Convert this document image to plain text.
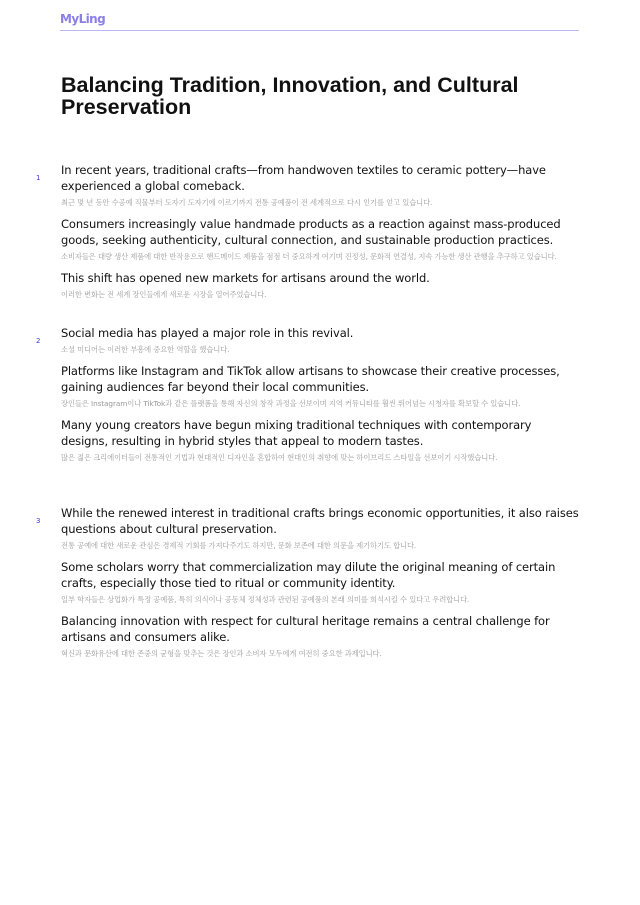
MyLing
Balancing Tradition, Innovation, and Cultural Preservation
1
In recent years, traditional crafts—from handwoven textiles to ceramic pottery—have experienced a global comeback.
최근 몇 년 동안 수공예 직물부터 도자기 도자기에 이르기까지 전통 공예품이 전 세계적으로 다시 인기를 얻고 있습니다.
Consumers increasingly value handmade products as a reaction against mass-produced goods, seeking authenticity, cultural connection, and sustainable production practices.
소비자들은 대량 생산 제품에 대한 반작용으로 핸드메이드 제품을 점점 더 중요하게 여기며 진정성, 문화적 연결성, 지속 가능한 생산 관행을 추구하고 있습니다.
This shift has opened new markets for artisans around the world.
이러한 변화는 전 세계 장인들에게 새로운 시장을 열어주었습니다.
2
Social media has played a major role in this revival.
소셜 미디어는 이러한 부흥에 중요한 역할을 했습니다.
Platforms like Instagram and TikTok allow artisans to showcase their creative processes, gaining audiences far beyond their local communities.
장인들은 Instagram이나 TikTok과 같은 플랫폼을 통해 자신의 창작 과정을 선보이며 지역 커뮤니티를 훨씬 뛰어넘는 시청자를 확보할 수 있습니다.
Many young creators have begun mixing traditional techniques with contemporary designs, resulting in hybrid styles that appeal to modern tastes.
많은 젊은 크리에이터들이 전통적인 기법과 현대적인 디자인을 혼합하여 현대인의 취향에 맞는 하이브리드 스타일을 선보이기 시작했습니다.
3
While the renewed interest in traditional crafts brings economic opportunities, it also raises questions about cultural preservation.
전통 공예에 대한 새로운 관심은 경제적 기회를 가져다주기도 하지만, 문화 보존에 대한 의문을 제기하기도 합니다.
Some scholars worry that commercialization may dilute the original meaning of certain crafts, especially those tied to ritual or community identity.
일부 학자들은 상업화가 특정 공예품, 특히 의식이나 공동체 정체성과 관련된 공예품의 본래 의미를 희석시킬 수 있다고 우려합니다.
Balancing innovation with respect for cultural heritage remains a central challenge for artisans and consumers alike.
혁신과 문화유산에 대한 존중의 균형을 맞추는 것은 장인과 소비자 모두에게 여전히 중요한 과제입니다.
